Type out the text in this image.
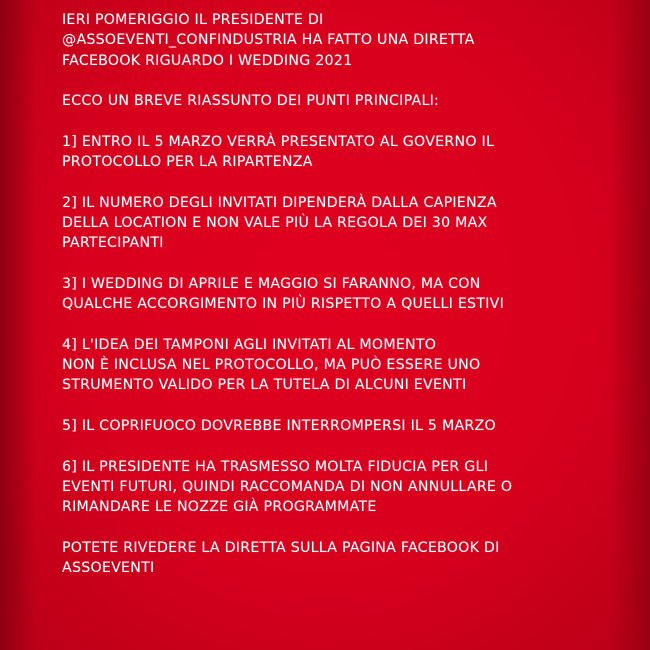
IERI POMERIGGIO IL PRESIDENTE DI
@ASSOEVENTI_CONFINDUSTRIA HA FATTO UNA DIRETTA
FACEBOOK RIGUARDO I WEDDING 2021

ECCO UN BREVE RIASSUNTO DEI PUNTI PRINCIPALI:

1] ENTRO IL 5 MARZO VERRÀ PRESENTATO AL GOVERNO IL
PROTOCOLLO PER LA RIPARTENZA

2] IL NUMERO DEGLI INVITATI DIPENDERÀ DALLA CAPIENZA
DELLA LOCATION E NON VALE PIÙ LA REGOLA DEI 30 MAX
PARTECIPANTI

3] I WEDDING DI APRILE E MAGGIO SI FARANNO, MA CON
QUALCHE ACCORGIMENTO IN PIÙ RISPETTO A QUELLI ESTIVI

4] L'IDEA DEI TAMPONI AGLI INVITATI AL MOMENTO
NON È INCLUSA NEL PROTOCOLLO, MA PUÒ ESSERE UNO
STRUMENTO VALIDO PER LA TUTELA DI ALCUNI EVENTI

5] IL COPRIFUOCO DOVREBBE INTERROMPERSI IL 5 MARZO

6] IL PRESIDENTE HA TRASMESSO MOLTA FIDUCIA PER GLI
EVENTI FUTURI, QUINDI RACCOMANDA DI NON ANNULLARE O
RIMANDARE LE NOZZE GIÀ PROGRAMMATE

POTETE RIVEDERE LA DIRETTA SULLA PAGINA FACEBOOK DI
ASSOEVENTI
